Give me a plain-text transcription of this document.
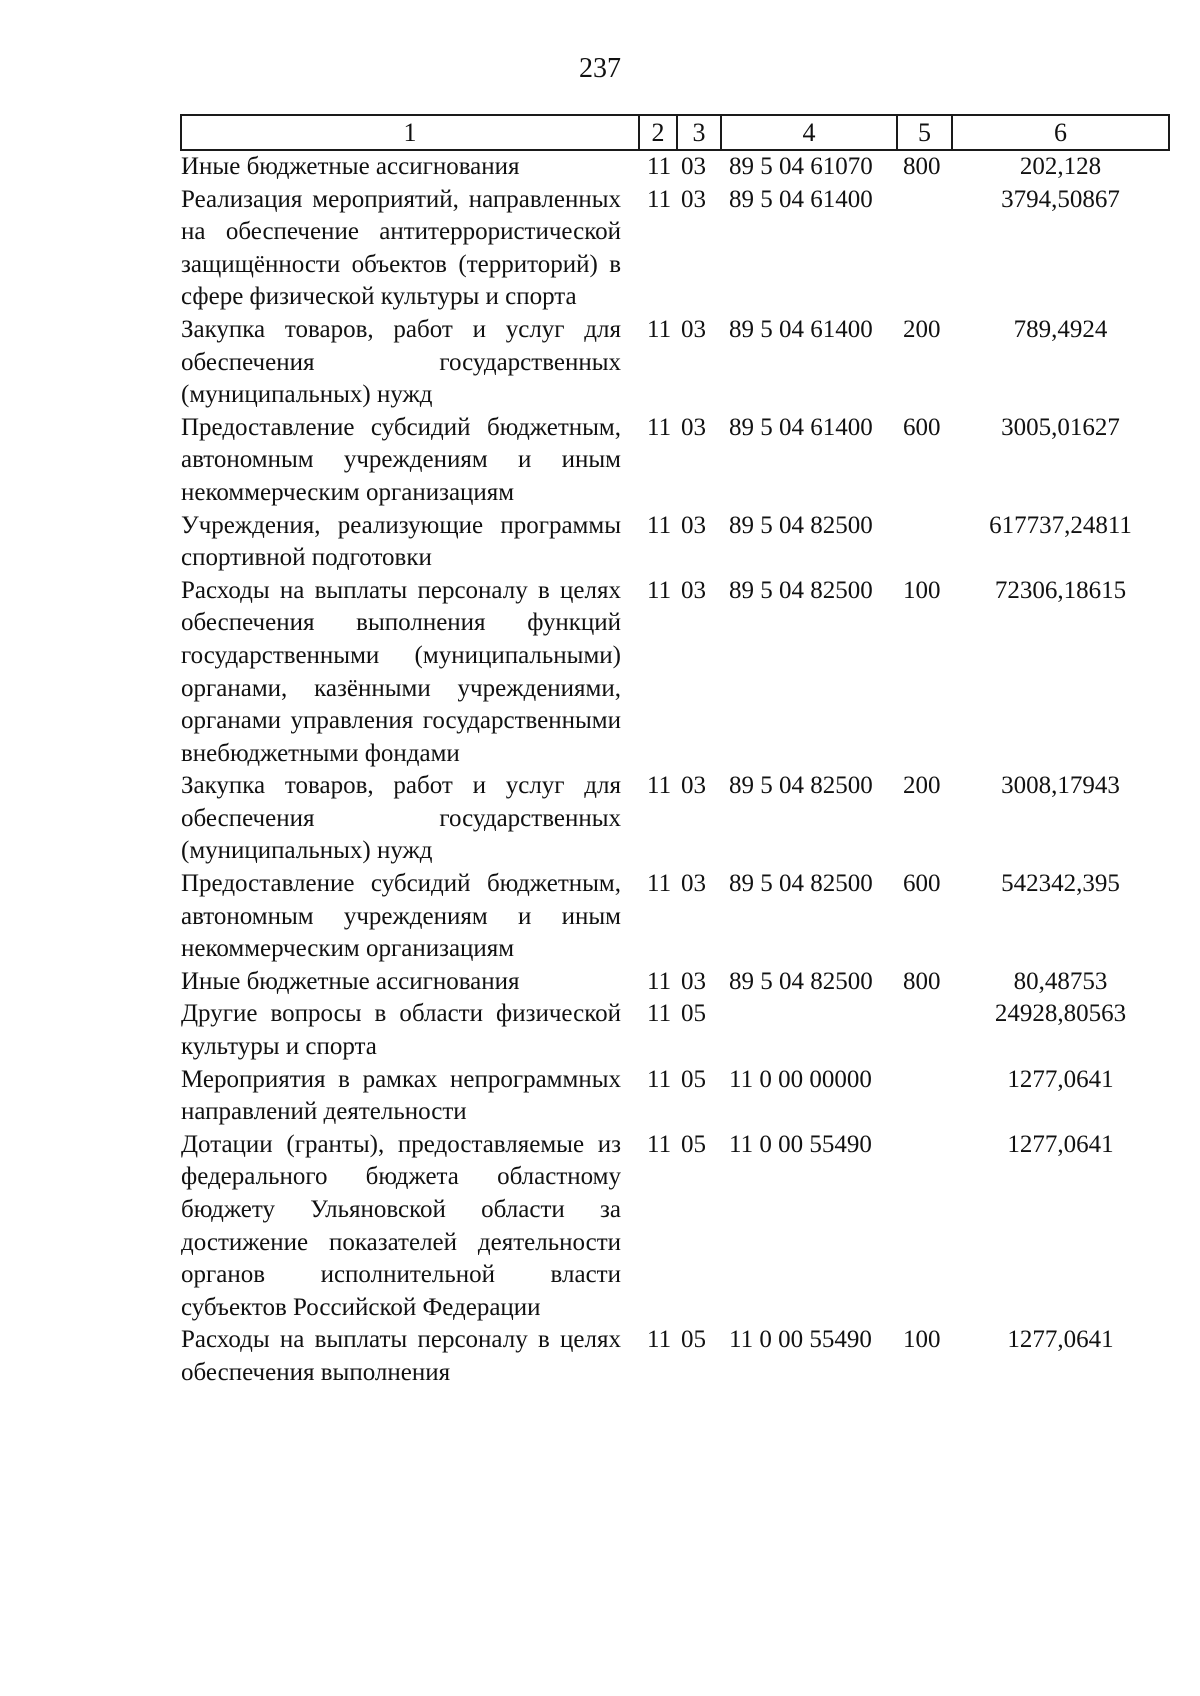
237
1	2	3	4	5	6
Иные бюджетные ассигнования	11	03	89 5 04 61070	800	202,128
Реализация мероприятий, направленных на обеспечение антитеррористической защищённости объектов (территорий) в сфере физической культуры и спорта	11	03	89 5 04 61400		3794,50867
Закупка товаров, работ и услуг для обеспечения государственных (муниципальных) нужд	11	03	89 5 04 61400	200	789,4924
Предоставление субсидий бюджетным, автономным учреждениям и иным некоммерческим организациям	11	03	89 5 04 61400	600	3005,01627
Учреждения, реализующие программы спортивной подготовки	11	03	89 5 04 82500		617737,24811
Расходы на выплаты персоналу в целях обеспечения выполнения функций государственными (муниципальными) органами, казёнными учреждениями, органами управления государственными внебюджетными фондами	11	03	89 5 04 82500	100	72306,18615
Закупка товаров, работ и услуг для обеспечения государственных (муниципальных) нужд	11	03	89 5 04 82500	200	3008,17943
Предоставление субсидий бюджетным, автономным учреждениям и иным некоммерческим организациям	11	03	89 5 04 82500	600	542342,395
Иные бюджетные ассигнования	11	03	89 5 04 82500	800	80,48753
Другие вопросы в области физической культуры и спорта	11	05			24928,80563
Мероприятия в рамках непрограммных направлений деятельности	11	05	11 0 00 00000		1277,0641
Дотации (гранты), предоставляемые из федерального бюджета областному бюджету Ульяновской области за достижение показателей деятельности органов исполнительной власти субъектов Российской Федерации	11	05	11 0 00 55490		1277,0641
Расходы на выплаты персоналу в целях обеспечения выполнения	11	05	11 0 00 55490	100	1277,0641
